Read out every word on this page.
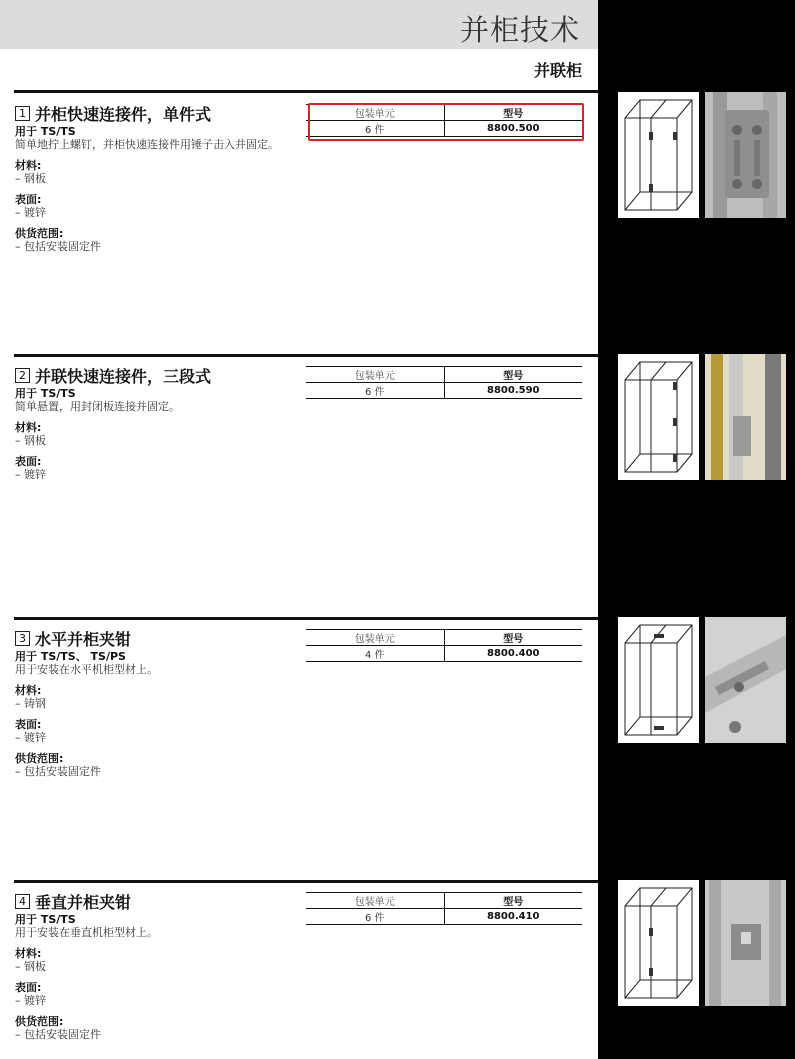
并柜技术
并联柜
1 并柜快速连接件，单件式
用于 TS/TS
简单地拧上螺钉，并柜快速连接件用锤子击入并固定。
材料:
– 钢板
表面:
– 镀锌
供货范围:
– 包括安装固定件
包装单元	型号
6 件	8800.500
2 并联快速连接件，三段式
用于 TS/TS
简单悬置，用封闭板连接并固定。
材料:
– 钢板
表面:
– 镀锌
包装单元	型号
6 件	8800.590
3 水平并柜夹钳
用于 TS/TS、 TS/PS
用于安装在水平机柜型材上。
材料:
– 铸钢
表面:
– 镀锌
供货范围:
– 包括安装固定件
包装单元	型号
4 件	8800.400
4 垂直并柜夹钳
用于 TS/TS
用于安装在垂直机柜型材上。
材料:
– 钢板
表面:
– 镀锌
供货范围:
– 包括安装固定件
包装单元	型号
6 件	8800.410
